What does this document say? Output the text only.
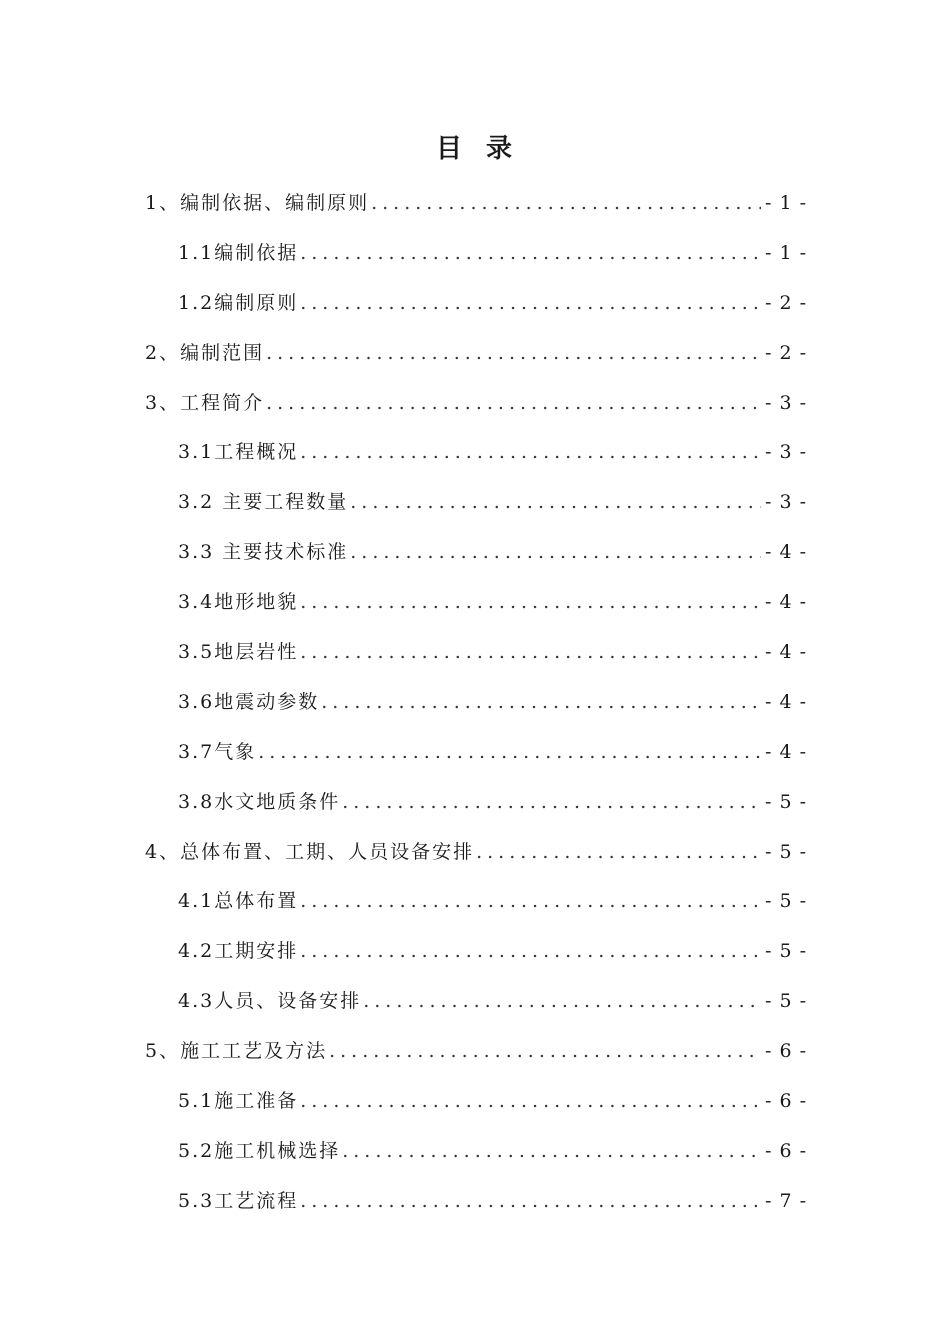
目  录
1、编制依据、编制原则 .....	- 1 -
1.1编制依据 .....	- 1 -
1.2编制原则 .....	- 2 -
2、编制范围 .....	- 2 -
3、工程简介 .....	- 3 -
3.1工程概况 .....	- 3 -
3.2 主要工程数量 .....	- 3 -
3.3 主要技术标准 .....	- 4 -
3.4地形地貌 .....	- 4 -
3.5地层岩性 .....	- 4 -
3.6地震动参数 .....	- 4 -
3.7气象 .....	- 4 -
3.8水文地质条件 .....	- 5 -
4、总体布置、工期、人员设备安排 .....	- 5 -
4.1总体布置 .....	- 5 -
4.2工期安排 .....	- 5 -
4.3人员、设备安排 .....	- 5 -
5、施工工艺及方法 .....	- 6 -
5.1施工准备 .....	- 6 -
5.2施工机械选择 .....	- 6 -
5.3工艺流程 .....	- 7 -
